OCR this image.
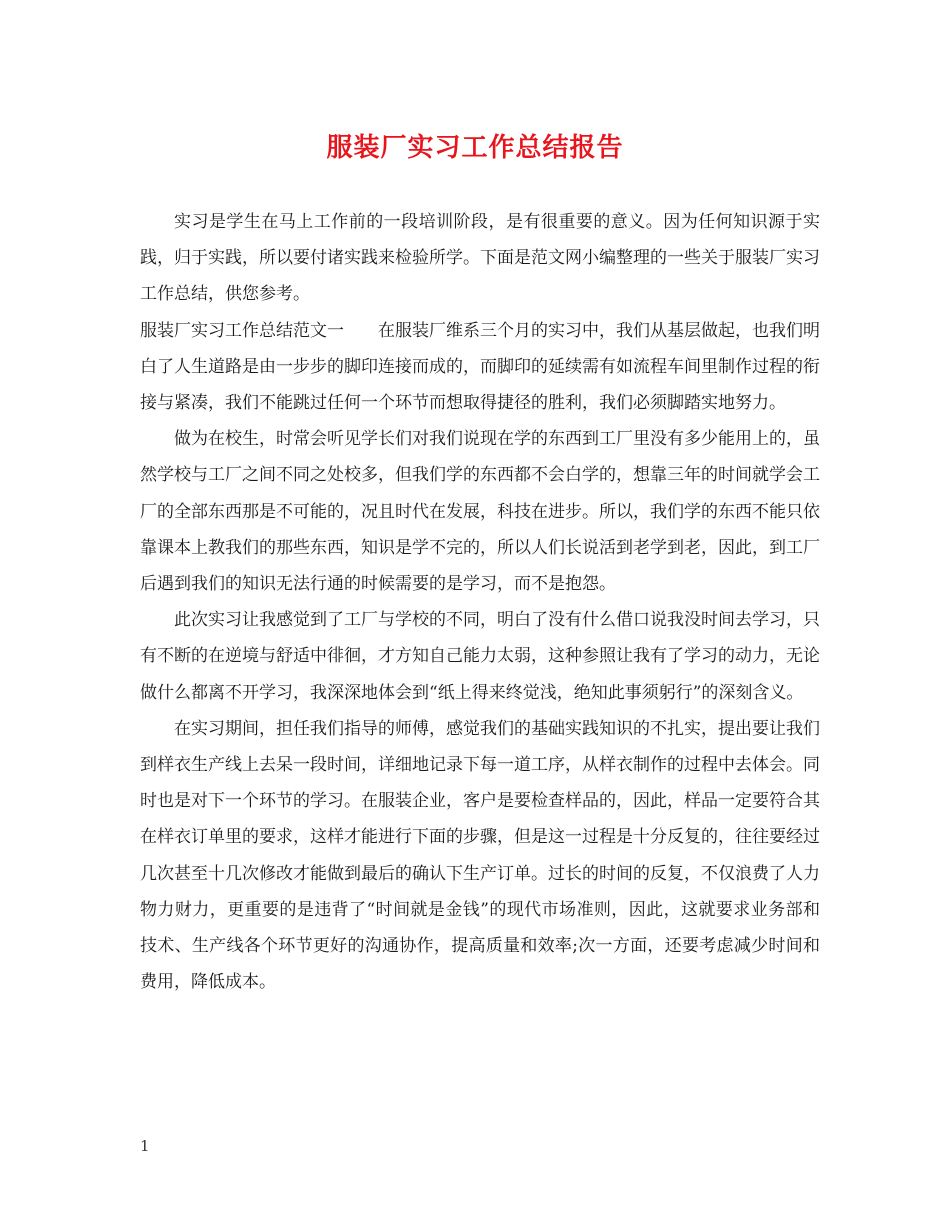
服装厂实习工作总结报告

实习是学生在马上工作前的一段培训阶段，是有很重要的意义。因为任何知识源于实践，归于实践，所以要付诸实践来检验所学。下面是范文网小编整理的一些关于服装厂实习工作总结，供您参考。

服装厂实习工作总结范文一　　在服装厂维系三个月的实习中，我们从基层做起，也我们明白了人生道路是由一步步的脚印连接而成的，而脚印的延续需有如流程车间里制作过程的衔接与紧凑，我们不能跳过任何一个环节而想取得捷径的胜利，我们必须脚踏实地努力。

做为在校生，时常会听见学长们对我们说现在学的东西到工厂里没有多少能用上的，虽然学校与工厂之间不同之处校多，但我们学的东西都不会白学的，想靠三年的时间就学会工厂的全部东西那是不可能的，况且时代在发展，科技在进步。所以，我们学的东西不能只依靠课本上教我们的那些东西，知识是学不完的，所以人们长说活到老学到老，因此，到工厂后遇到我们的知识无法行通的时候需要的是学习，而不是抱怨。

此次实习让我感觉到了工厂与学校的不同，明白了没有什么借口说我没时间去学习，只有不断的在逆境与舒适中徘徊，才方知自己能力太弱，这种参照让我有了学习的动力，无论做什么都离不开学习，我深深地体会到“纸上得来终觉浅，绝知此事须躬行”的深刻含义。

在实习期间，担任我们指导的师傅，感觉我们的基础实践知识的不扎实，提出要让我们到样衣生产线上去呆一段时间，详细地记录下每一道工序，从样衣制作的过程中去体会。同时也是对下一个环节的学习。在服装企业，客户是要检查样品的，因此，样品一定要符合其在样衣订单里的要求，这样才能进行下面的步骤，但是这一过程是十分反复的，往往要经过几次甚至十几次修改才能做到最后的确认下生产订单。过长的时间的反复，不仅浪费了人力物力财力，更重要的是违背了“时间就是金钱”的现代市场准则，因此，这就要求业务部和技术、生产线各个环节更好的沟通协作，提高质量和效率;次一方面，还要考虑减少时间和费用，降低成本。

1
